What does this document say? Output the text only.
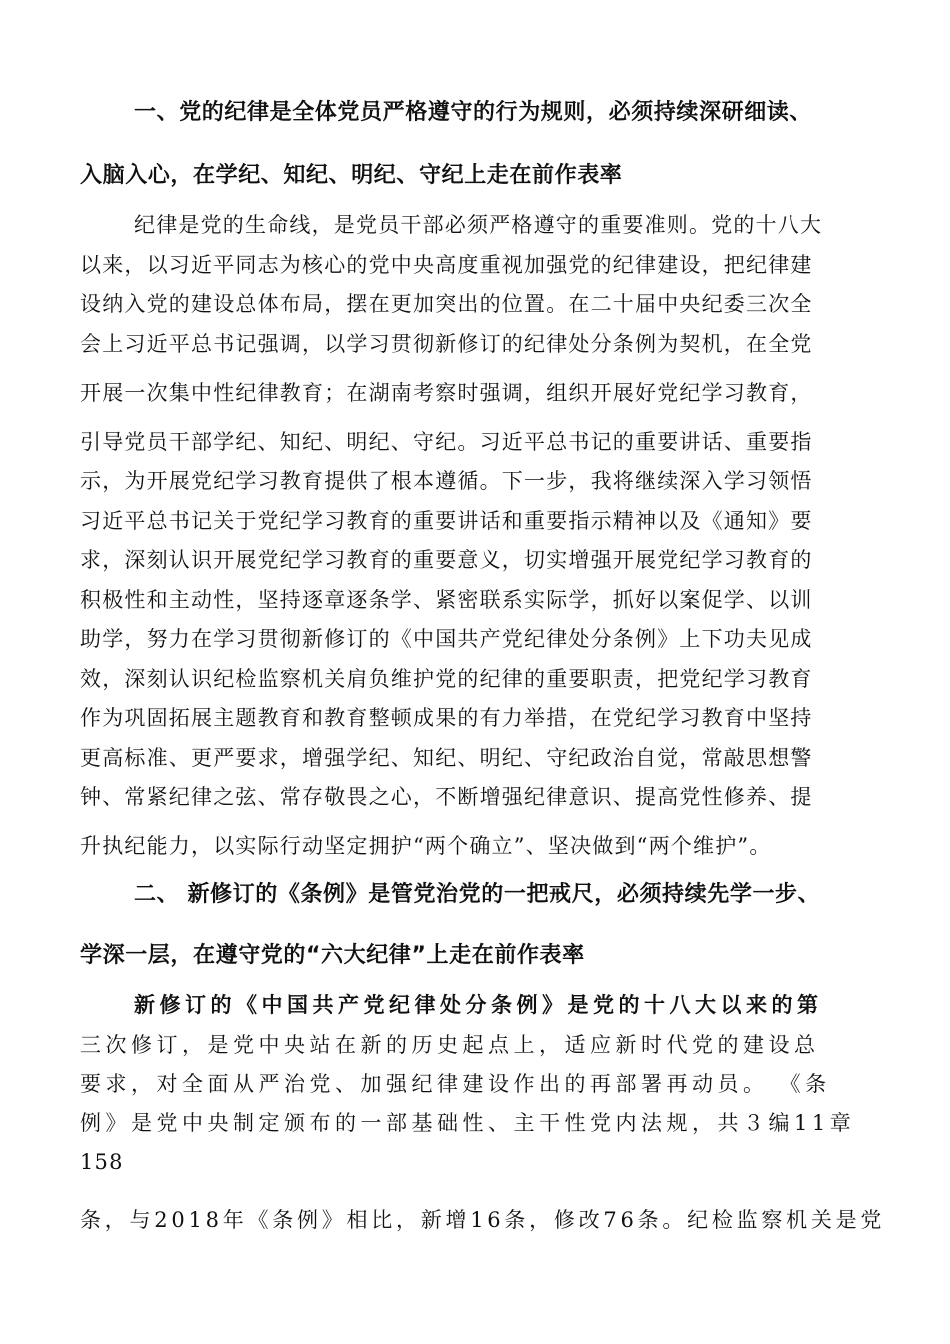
一、党的纪律是全体党员严格遵守的行为规则，必须持续深研细读、

入脑入心，在学纪、知纪、明纪、守纪上走在前作表率

纪律是党的生命线，是党员干部必须严格遵守的重要准则。党的十八大

以来，以习近平同志为核心的党中央高度重视加强党的纪律建设，把纪律建

设纳入党的建设总体布局，摆在更加突出的位置。在二十届中央纪委三次全

会上习近平总书记强调，以学习贯彻新修订的纪律处分条例为契机，在全党

开展一次集中性纪律教育；在湖南考察时强调，组织开展好党纪学习教育，

引导党员干部学纪、知纪、明纪、守纪。习近平总书记的重要讲话、重要指

示，为开展党纪学习教育提供了根本遵循。下一步，我将继续深入学习领悟

习近平总书记关于党纪学习教育的重要讲话和重要指示精神以及《通知》要

求，深刻认识开展党纪学习教育的重要意义，切实增强开展党纪学习教育的

积极性和主动性，坚持逐章逐条学、紧密联系实际学，抓好以案促学、以训

助学，努力在学习贯彻新修订的《中国共产党纪律处分条例》上下功夫见成

效，深刻认识纪检监察机关肩负维护党的纪律的重要职责，把党纪学习教育

作为巩固拓展主题教育和教育整顿成果的有力举措，在党纪学习教育中坚持

更高标准、更严要求，增强学纪、知纪、明纪、守纪政治自觉，常敲思想警

钟、常紧纪律之弦、常存敬畏之心，不断增强纪律意识、提高党性修养、提

升执纪能力，以实际行动坚定拥护“两个确立”、坚决做到“两个维护”。

二、 新修订的《条例》是管党治党的一把戒尺，必须持续先学一步、

学深一层，在遵守党的“六大纪律”上走在前作表率

新修订的《中国共产党纪律处分条例》是党的十八大以来的第

三次修订，是党中央站在新的历史起点上，适应新时代党的建设总

要求，对全面从严治党、加强纪律建设作出的再部署再动员。 《条

例》是党中央制定颁布的一部基础性、主干性党内法规，共３编11章

158

条，与2018年《条例》相比，新增16条，修改76条。纪检监察机关是党
